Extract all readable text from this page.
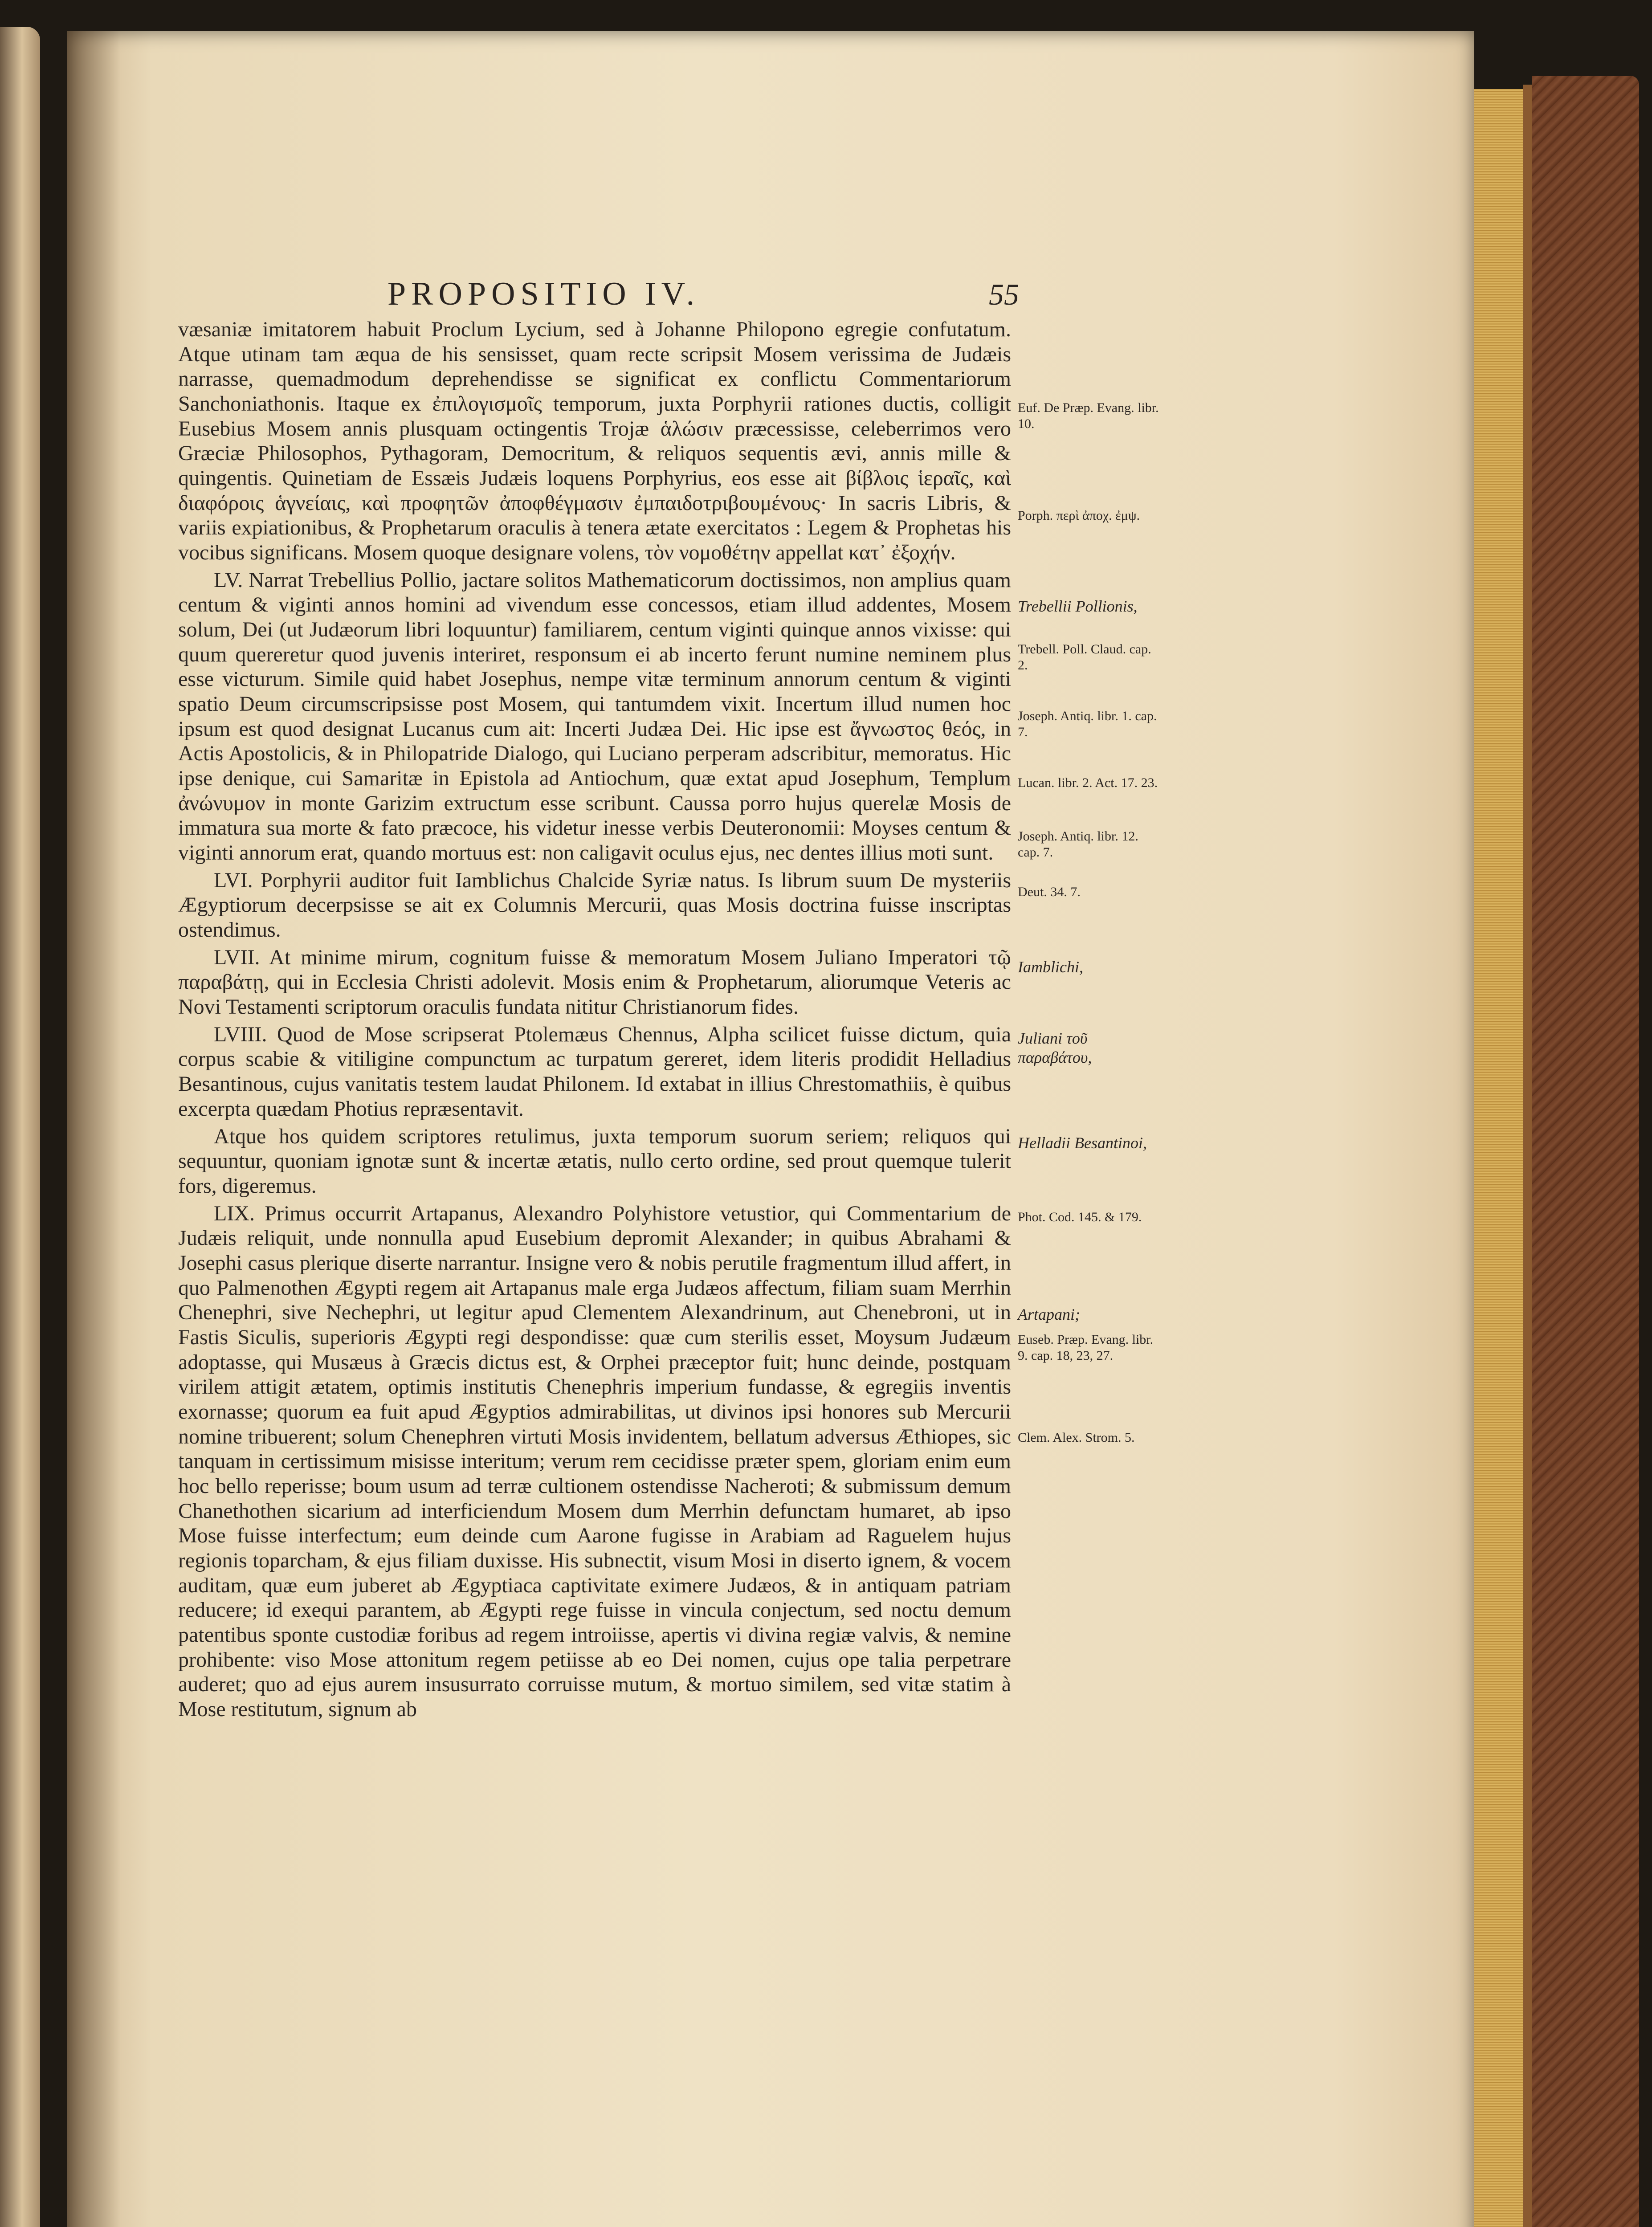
PROPOSITIO IV.	55

væsaniæ imitatorem habuit Proclum Lycium, sed à Johanne Philopono egregie confutatum. Atque utinam tam æqua de his sensisset, quam recte scripsit Mosem verissima de Judæis narrasse, quemadmodum deprehendisse se significat ex conflictu Commentariorum Sanchoniathonis. Itaque ex ἐπιλογισμοῖς temporum, juxta Porphyrii rationes ductis, colligit Eusebius Mosem annis plusquam octingentis Trojæ ἁλώσιν præcessisse, celeberrimos vero Græciæ Philosophos, Pythagoram, Democritum, & reliquos sequentis ævi, annis mille & quingentis. Quinetiam de Essæis Judæis loquens Porphyrius, eos esse ait βίβλοις ἱεραῖς, καὶ διαφόροις ἁγνείαις, καὶ προφητῶν ἀποφθέγμασιν ἐμπαιδοτριβουμένους· In sacris Libris, & variis expiationibus, & Prophetarum oraculis à tenera ætate exercitatos : Legem & Prophetas his vocibus significans. Mosem quoque designare volens, τὸν νομοθέτην appellat κατ᾽ ἐξοχήν.

LV. Narrat Trebellius Pollio, jactare solitos Mathematicorum doctissimos, non amplius quam centum & viginti annos homini ad vivendum esse concessos, etiam illud addentes, Mosem solum, Dei (ut Judæorum libri loquuntur) familiarem, centum viginti quinque annos vixisse: qui quum quereretur quod juvenis interiret, responsum ei ab incerto ferunt numine neminem plus esse victurum. Simile quid habet Josephus, nempe vitæ terminum annorum centum & viginti spatio Deum circumscripsisse post Mosem, qui tantumdem vixit. Incertum illud numen hoc ipsum est quod designat Lucanus cum ait: Incerti Judæa Dei. Hic ipse est ἄγνωστος θεός, in Actis Apostolicis, & in Philopatride Dialogo, qui Luciano perperam adscribitur, memoratus. Hic ipse denique, cui Samaritæ in Epistola ad Antiochum, quæ extat apud Josephum, Templum ἀνώνυμον in monte Garizim extructum esse scribunt. Caussa porro hujus querelæ Mosis de immatura sua morte & fato præcoce, his videtur inesse verbis Deuteronomii: Moyses centum & viginti annorum erat, quando mortuus est: non caligavit oculus ejus, nec dentes illius moti sunt.

LVI. Porphyrii auditor fuit Iamblichus Chalcide Syriæ natus. Is librum suum De mysteriis Ægyptiorum decerpsisse se ait ex Columnis Mercurii, quas Mosis doctrina fuisse inscriptas ostendimus.

LVII. At minime mirum, cognitum fuisse & memoratum Mosem Juliano Imperatori τῷ παραβάτῃ, qui in Ecclesia Christi adolevit. Mosis enim & Prophetarum, aliorumque Veteris ac Novi Testamenti scriptorum oraculis fundata nititur Christianorum fides.

LVIII. Quod de Mose scripserat Ptolemæus Chennus, Alpha scilicet fuisse dictum, quia corpus scabie & vitiligine compunctum ac turpatum gereret, idem literis prodidit Helladius Besantinous, cujus vanitatis testem laudat Philonem. Id extabat in illius Chrestomathiis, è quibus excerpta quædam Photius repræsentavit.

Atque hos quidem scriptores retulimus, juxta temporum suorum seriem; reliquos qui sequuntur, quoniam ignotæ sunt & incertæ ætatis, nullo certo ordine, sed prout quemque tulerit fors, digeremus.

LIX. Primus occurrit Artapanus, Alexandro Polyhistore vetustior, qui Commentarium de Judæis reliquit, unde nonnulla apud Eusebium depromit Alexander; in quibus Abrahami & Josephi casus plerique diserte narrantur. Insigne vero & nobis perutile fragmentum illud affert, in quo Palmenothen Ægypti regem ait Artapanus male erga Judæos affectum, filiam suam Merrhin Chenephri, sive Nechephri, ut legitur apud Clementem Alexandrinum, aut Chenebroni, ut in Fastis Siculis, superioris Ægypti regi despondisse: quæ cum sterilis esset, Moysum Judæum adoptasse, qui Musæus à Græcis dictus est, & Orphei præceptor fuit; hunc deinde, postquam virilem attigit ætatem, optimis institutis Chenephris imperium fundasse, & egregiis inventis exornasse; quorum ea fuit apud Ægyptios admirabilitas, ut divinos ipsi honores sub Mercurii nomine tribuerent; solum Chenephren virtuti Mosis invidentem, bellatum adversus Æthiopes, sic tanquam in certissimum misisse interitum; verum rem cecidisse præter spem, gloriam enim eum hoc bello reperisse; boum usum ad terræ cultionem ostendisse Nacheroti; & submissum demum Chanethothen sicarium ad interficiendum Mosem dum Merrhin defunctam humaret, ab ipso Mose fuisse interfectum; eum deinde cum Aarone fugisse in Arabiam ad Raguelem hujus regionis toparcham, & ejus filiam duxisse. His subnectit, visum Mosi in diserto ignem, & vocem auditam, quæ eum juberet ab Ægyptiaca captivitate eximere Judæos, & in antiquam patriam reducere; id exequi parantem, ab Ægypti rege fuisse in vincula conjectum, sed noctu demum patentibus sponte custodiæ foribus ad regem introiisse, apertis vi divina regiæ valvis, & nemine prohibente: viso Mose attonitum regem petiisse ab eo Dei nomen, cujus ope talia perpetrare auderet; quo ad ejus aurem insusurrato corruisse mutum, & mortuo similem, sed vitæ statim à Mose restitutum, signum ab

Euf. De Præp. Evang. libr. 10.
Porph. περὶ ἀποχ. ἐμψ.
Trebellii Pollionis,
Trebell. Poll. Claud. cap. 2.
Joseph. Antiq. libr. 1. cap. 7.
Lucan. libr. 2. Act. 17. 23.
Joseph. Antiq. libr. 12. cap. 7.
Deut. 34. 7.
Iamblichi,
Juliani τοῦ παραβάτου,
Helladii Besantinoi,
Phot. Cod. 145. & 179.
Artapani;
Euseb. Præp. Evang. libr. 9. cap. 18, 23, 27.
Clem. Alex. Strom. 5.
